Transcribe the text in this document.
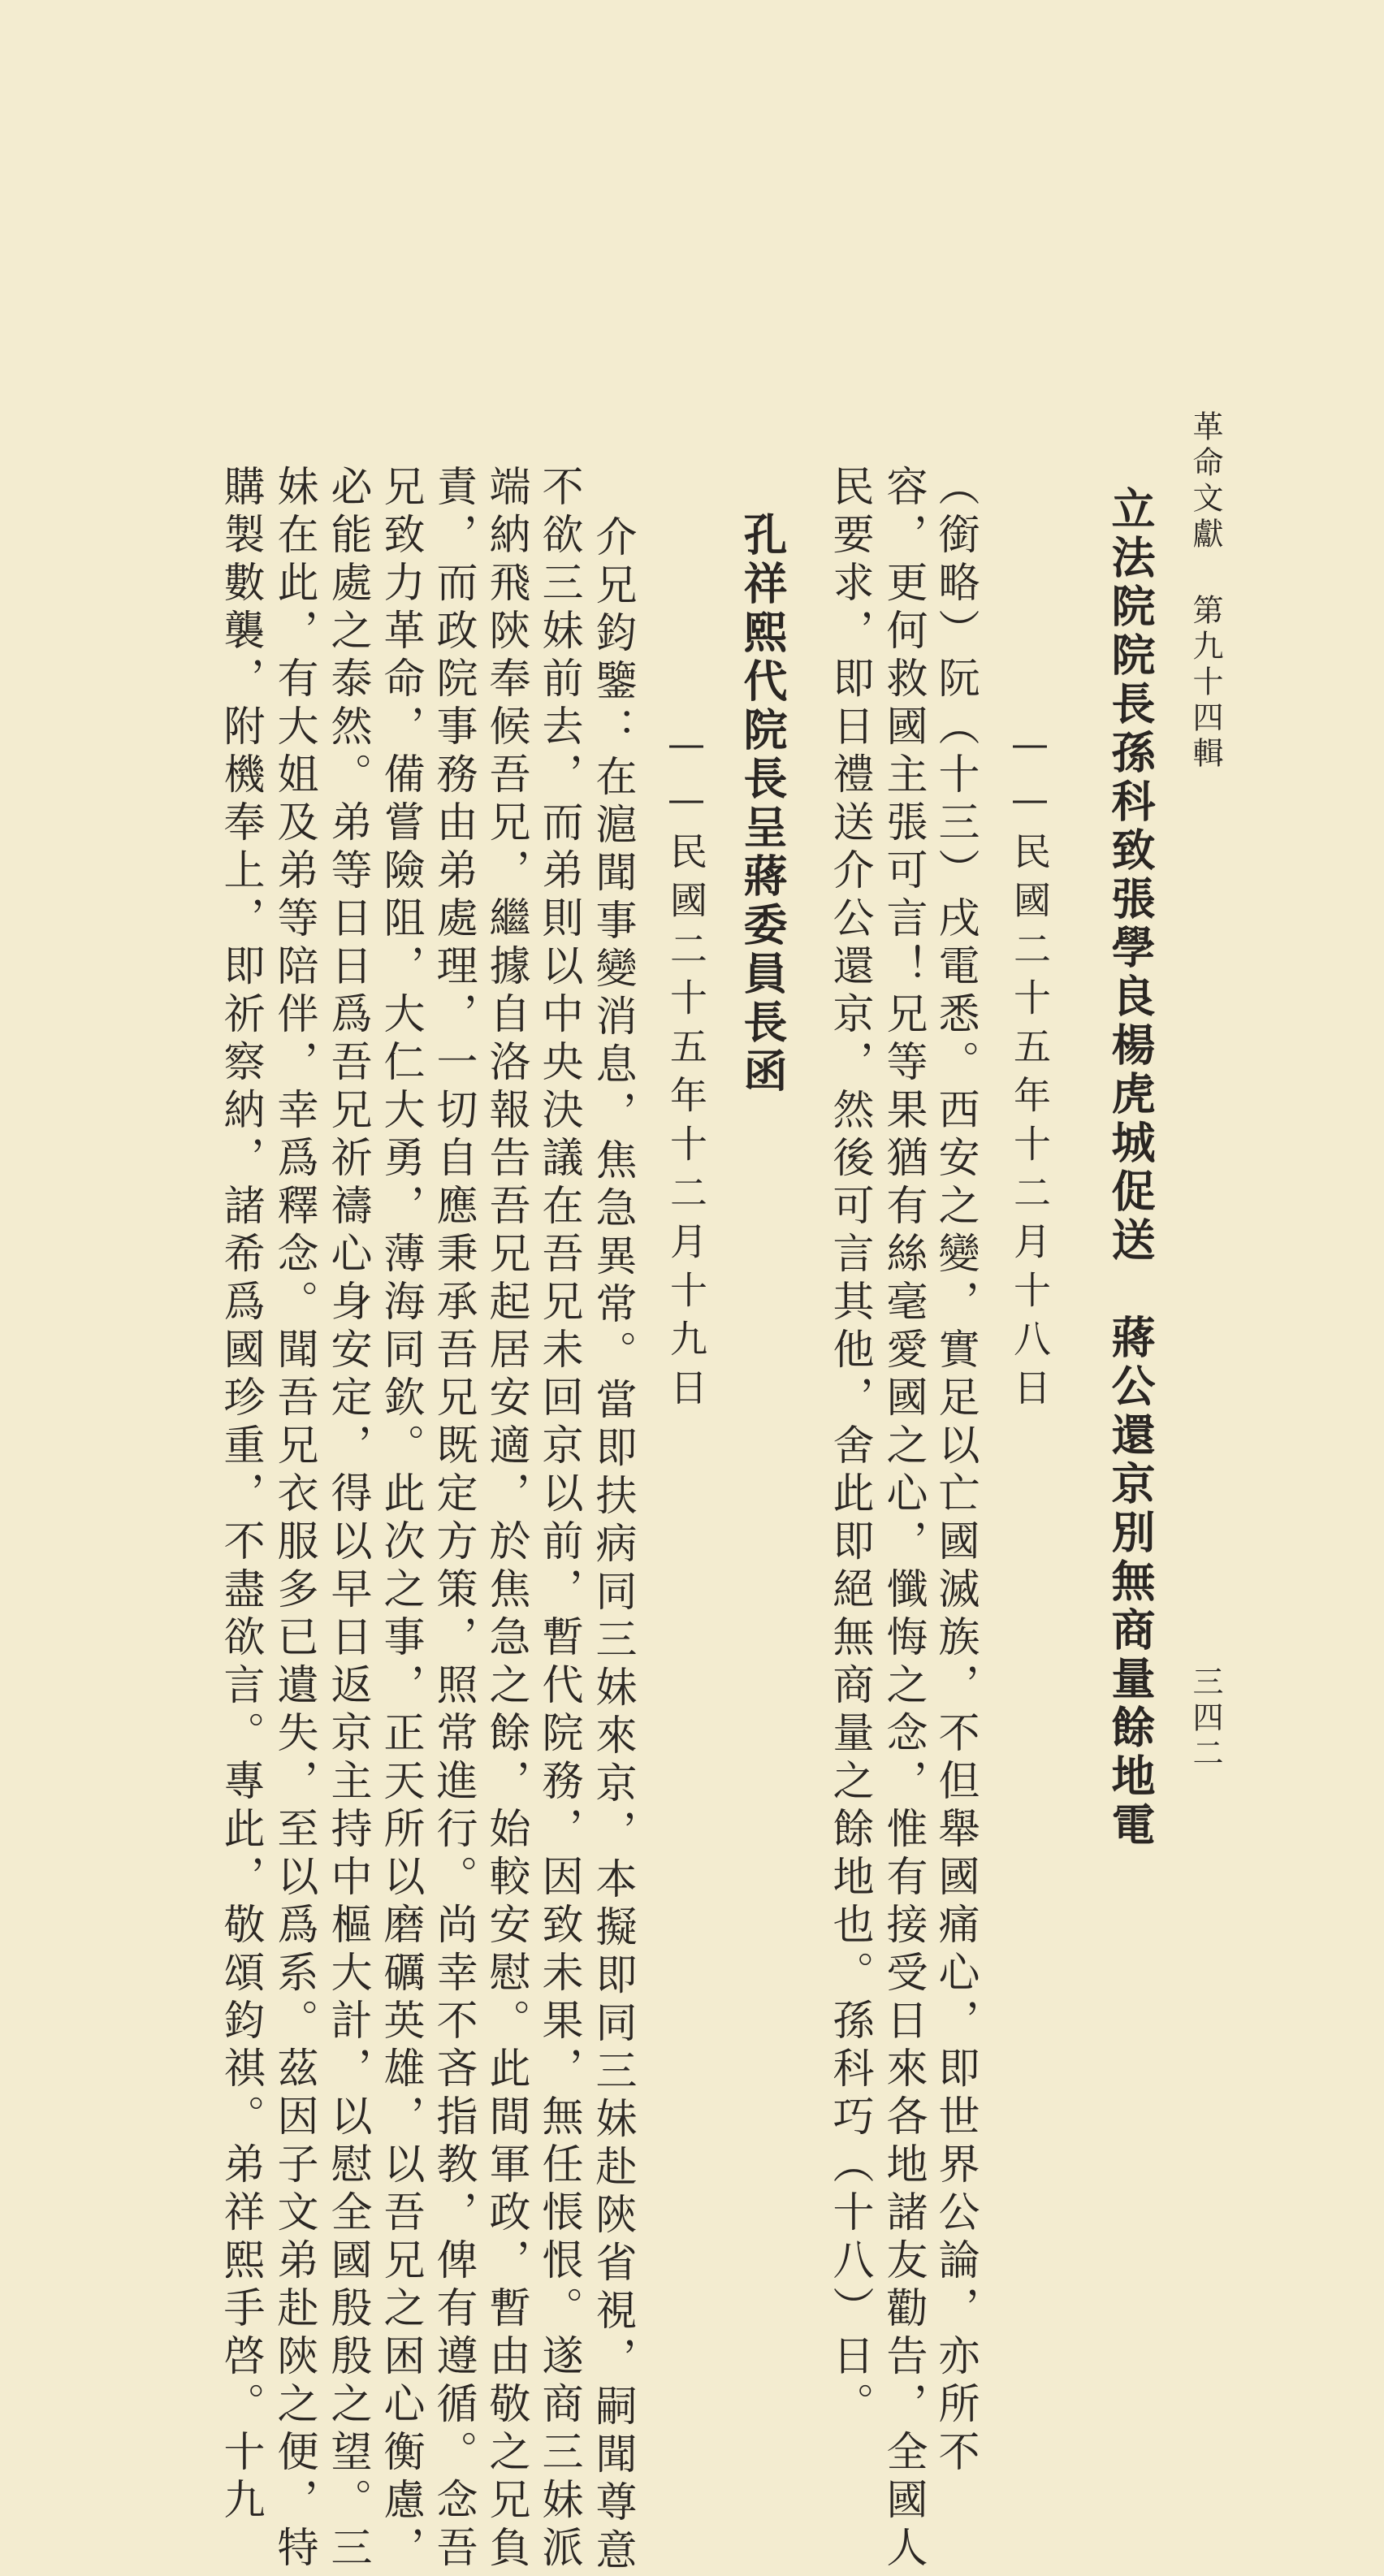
革命文獻 第九十四輯
三四二
立法院院長孫科致張學良楊虎城促送　蔣公還京別無商量餘地電
——民國二十五年十二月十八日
（銜略）阮（十三）戌電悉。西安之變，實足以亡國滅族，不但舉國痛心，即世界公論，亦所不
容，更何救國主張可言！兄等果猶有絲毫愛國之心，懺悔之念，惟有接受日來各地諸友勸告，全國人
民要求，即日禮送介公還京，然後可言其他，舍此即絕無商量之餘地也。孫科巧（十八）日。
孔祥熙代院長呈蔣委員長函
——民國二十五年十二月十九日
介兄鈞鑒：在滬聞事變消息，焦急異常。當即扶病同三妹來京，本擬即同三妹赴陝省視，嗣聞尊意
不欲三妹前去，而弟則以中央決議在吾兄未回京以前，暫代院務，因致未果，無任悵恨。遂商三妹派
端納飛陝奉候吾兄，繼據自洛報告吾兄起居安適，於焦急之餘，始較安慰。此間軍政，暫由敬之兄負
責，而政院事務由弟處理，一切自應秉承吾兄既定方策，照常進行。尚幸不吝指教，俾有遵循。念吾
兄致力革命，備嘗險阻，大仁大勇，薄海同欽。此次之事，正天所以磨礪英雄，以吾兄之困心衡慮，
必能處之泰然。弟等日日爲吾兄祈禱心身安定，得以早日返京主持中樞大計，以慰全國殷殷之望。三
妹在此，有大姐及弟等陪伴，幸爲釋念。聞吾兄衣服多已遺失，至以爲系。茲因子文弟赴陝之便，特
購製數襲，附機奉上，即祈察納，諸希爲國珍重，不盡欲言。專此，敬頌鈞祺。弟祥熙手啓。十九
